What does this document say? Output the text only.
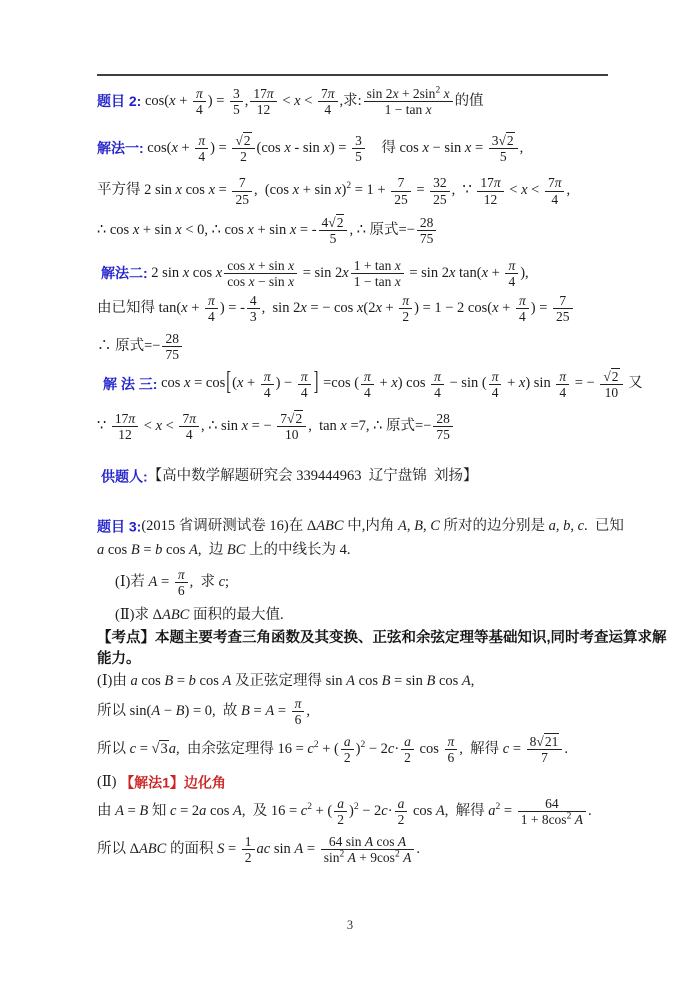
题目 2: $\cos(x + \frac{\pi}{4}$ ) = $\frac{3}{5}$ , $\frac{17\pi}{12} < x < \frac{7\pi}{4}$ ,求: $\frac{\sin 2x + 2\sin^2 x}{\text{1 − tan x}}$ 的值
解法一: $\cos(x + \frac{\pi}{4}$ ) = $\frac{√2}{2} (\cos$ $x - \sin x) = \frac{3}{5}$ 得 $\cos x - \sin x = \frac{3√2}{5}$ ,
平方得 2 sin x $\cos x = \frac{7}{25}$ ,  (cos $x + \sin x)^2 = 1 + \frac{7}{25} = \frac{32}{25}$ ,  ∵ $\frac{17\pi}{12} < x < \frac{7\pi}{4}$ ,
∴ cos x + sin x < 0, ∴ cos x + sin x = - $\frac{4√2}{5}$ , ∴ 原式=− $\frac{28}{75}$
解法二: 2 sin x cos x $\frac{\text{cos x + sin x}}{\text{cos x − sin x}} = \sin 2x \frac{\text{1 + tan x}}{\text{1 − tan x}} = \sin 2x$ $\tan(x + \frac{\pi}{4}$ ),
由已知得 $\tan(x + \frac{\pi}{4}$ ) = - $\frac{4}{3}$ ,  sin 2x = − $\cos x(2x + \frac{\pi}{2}$ ) = 1 − 2 $\cos(x + \frac{\pi}{4}$ ) = $\frac{7}{25}$
∴ 原式=− $\frac{28}{75}$
解 法 三: $\cos x = \cos[(x + \frac{\pi}{4}$ ) − $\frac{\pi}{4}$ ] =cos ( $\frac{\pi}{4} + x$) $\cos \frac{\pi}{4} - \sin$ ( $\frac{\pi}{4} + x$) $\sin \frac{\pi}{4}$ = − $\frac{√2}{10}$ 又
∵ $\frac{17\pi}{12} < x < \frac{7\pi}{4}$ , ∴ sin x = − $\frac{7√2}{10}$ ,  tan x =7, ∴ 原式=− $\frac{28}{75}$
供题人:【高中数学解题研究会 339444963  辽宁盘锦  刘扬】
题目 3:(2015 省调研测试卷 16)在 ΔABC 中,内角 A, B, C 所对的边分别是 a, b, c.  已知
a cos B = b cos A,  边 BC 上的中线长为 4.
(Ⅰ)若 $A = \frac{\pi}{6}$ ,  求 c;
(Ⅱ)求 ΔABC 面积的最大值.
【考点】本题主要考查三角函数及其变换、正弦和余弦定理等基础知识,同时考查运算求解
能力。
(Ⅰ)由 a cos B = b cos A 及正弦定理得 sin A cos B = sin B cos A,
所以 sin(A − B) = 0,  故 $B = A = \frac{\pi}{6}$ ,
所以 c = √3a,  由余弦定理得 $16 = c^2$ + ( $\frac{a}{2} )^2 - 2c\cdot \frac{a}{2}$ $\cos \frac{\pi}{6}$ ,  解得 $c = \frac{8√21}{7}$ .
(Ⅱ) 【解法1】边化角
由 A = B 知 c = 2a cos A,  及 $16 = c^2$ + ( $\frac{a}{2} )^2 - 2c\cdot \frac{a}{2}$ cos A,  解得 $a^2 = \frac{64}{1 + 8\cos^2 A}$ .
所以 ΔABC 的面积 $S = \frac{1}{2}$ ac $\sin A = \frac{\text{64 sin A cos A}}{\sin^2 A + 9\cos^2 A}$ .
3
